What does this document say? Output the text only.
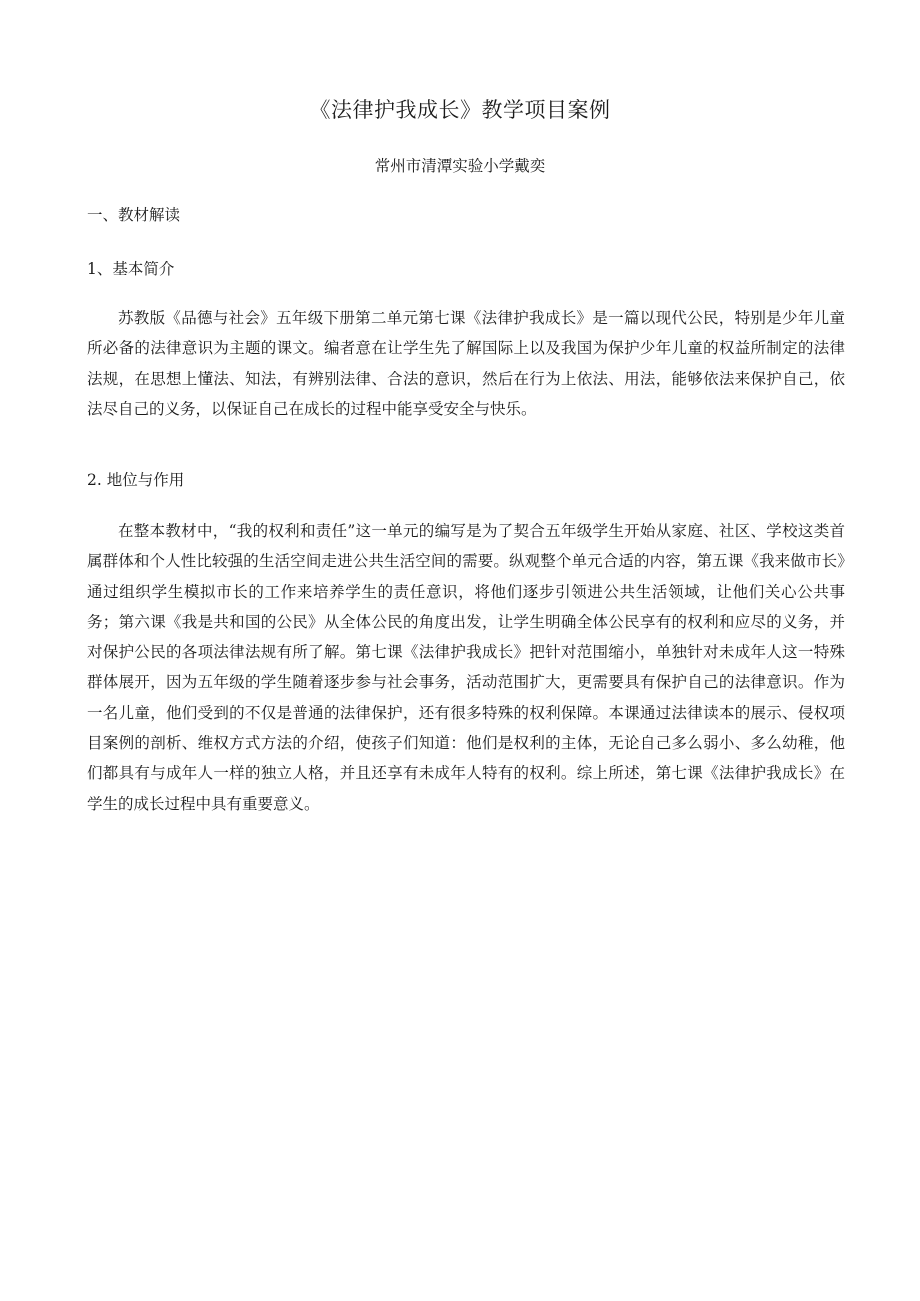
《法律护我成长》教学项目案例

常州市清潭实验小学戴奕

一、教材解读
1、基本简介

苏教版《品德与社会》五年级下册第二单元第七课《法律护我成长》是一篇以现代公民，特别是少年儿童所必备的法律意识为主题的课文。编者意在让学生先了解国际上以及我国为保护少年儿童的权益所制定的法律法规，在思想上懂法、知法，有辨别法律、合法的意识，然后在行为上依法、用法，能够依法来保护自己，依法尽自己的义务，以保证自己在成长的过程中能享受安全与快乐。

2. 地位与作用

在整本教材中，“我的权利和责任”这一单元的编写是为了契合五年级学生开始从家庭、社区、学校这类首属群体和个人性比较强的生活空间走进公共生活空间的需要。纵观整个单元合适的内容，第五课《我来做市长》通过组织学生模拟市长的工作来培养学生的责任意识，将他们逐步引领进公共生活领域，让他们关心公共事务；第六课《我是共和国的公民》从全体公民的角度出发，让学生明确全体公民享有的权利和应尽的义务，并对保护公民的各项法律法规有所了解。第七课《法律护我成长》把针对范围缩小，单独针对未成年人这一特殊群体展开，因为五年级的学生随着逐步参与社会事务，活动范围扩大，更需要具有保护自己的法律意识。作为一名儿童，他们受到的不仅是普通的法律保护，还有很多特殊的权利保障。本课通过法律读本的展示、侵权项目案例的剖析、维权方式方法的介绍，使孩子们知道：他们是权利的主体，无论自己多么弱小、多么幼稚，他们都具有与成年人一样的独立人格，并且还享有未成年人特有的权利。综上所述，第七课《法律护我成长》在学生的成长过程中具有重要意义。
